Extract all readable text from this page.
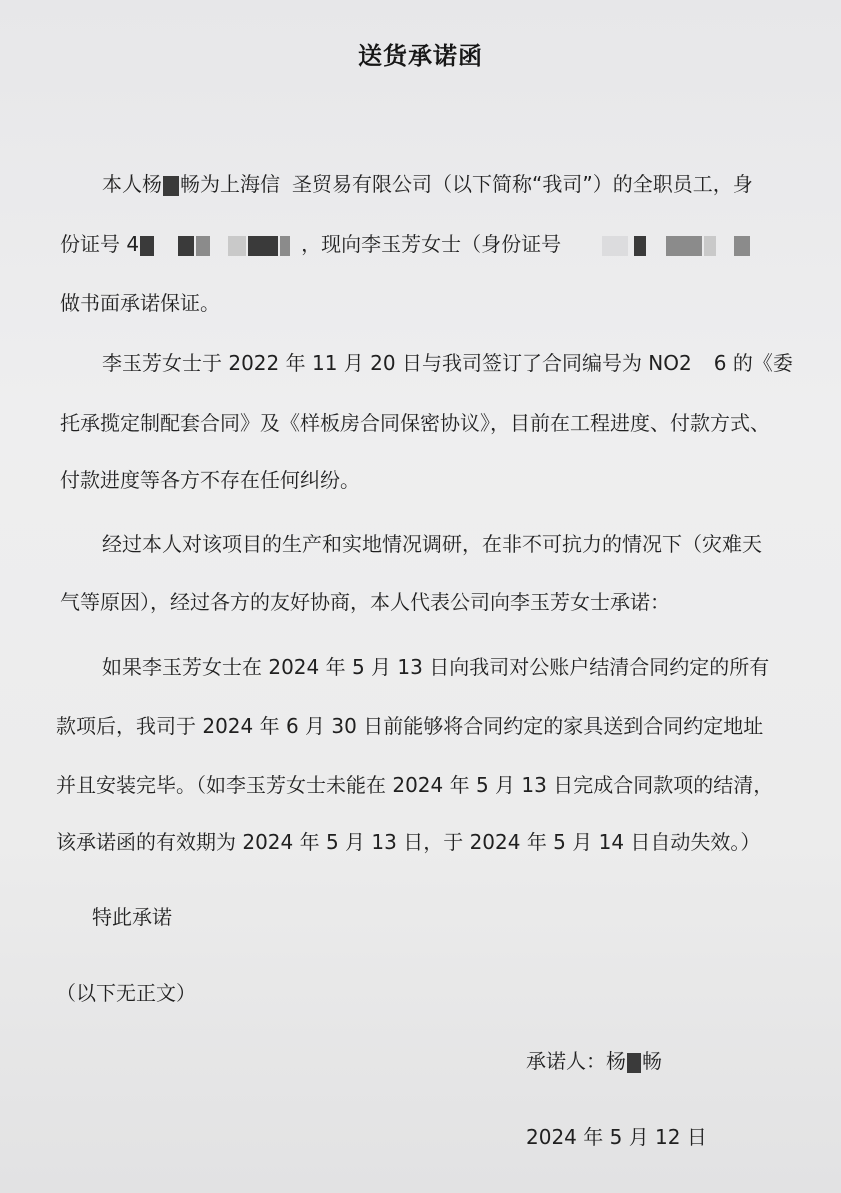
送货承诺函
本人杨 畅为上海信 圣贸易有限公司（以下简称“我司”）的全职员工，身
份证号 4	，现向李玉芳女士（身份证号
做书面承诺保证。
李玉芳女士于 2022 年 11 月 20 日与我司签订了合同编号为 NO2 6 的《委
托承揽定制配套合同》及《样板房合同保密协议》，目前在工程进度、付款方式、
付款进度等各方不存在任何纠纷。
经过本人对该项目的生产和实地情况调研，在非不可抗力的情况下（灾难天
气等原因），经过各方的友好协商，本人代表公司向李玉芳女士承诺：
如果李玉芳女士在 2024 年 5 月 13 日向我司对公账户结清合同约定的所有
款项后，我司于 2024 年 6 月 30 日前能够将合同约定的家具送到合同约定地址
并且安装完毕。（如李玉芳女士未能在 2024 年 5 月 13 日完成合同款项的结清，
该承诺函的有效期为 2024 年 5 月 13 日，于 2024 年 5 月 14 日自动失效。）
特此承诺
（以下无正文）
承诺人：杨 畅
2024 年 5 月 12 日
